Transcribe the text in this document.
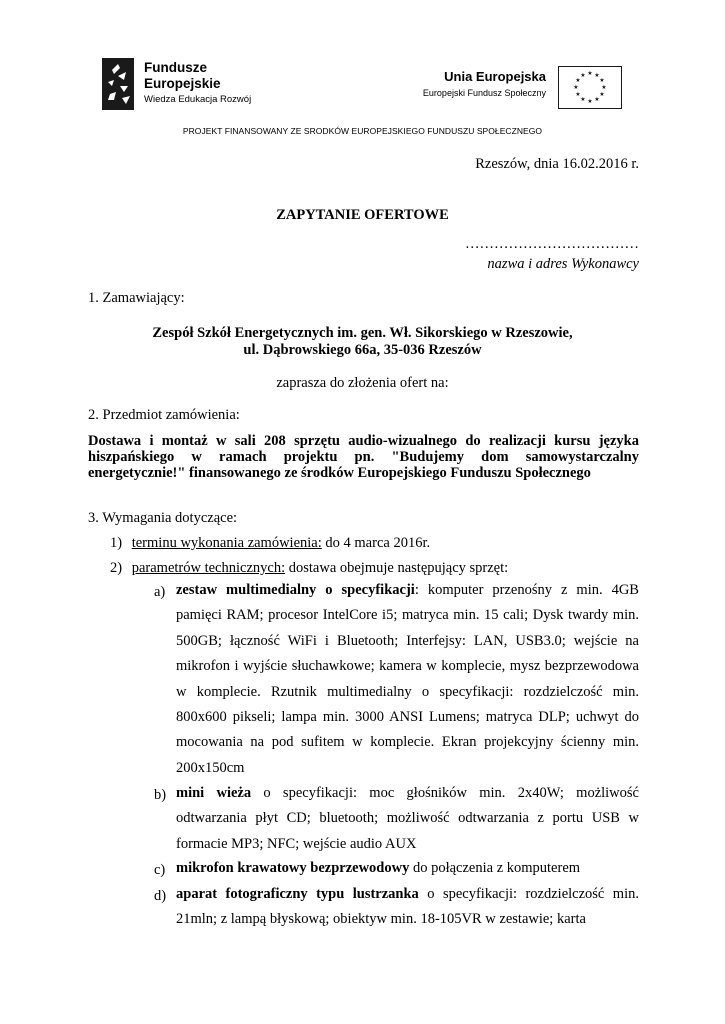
Fundusze
Europejskie
Wiedza Edukacja Rozwój
Unia Europejska
Europejski Fundusz Społeczny
★ ★
★
★
★
★
★
★
★
★
★
★
PROJEKT FINANSOWANY ZE SRODKÓW EUROPEJSKIEGO FUNDUSZU SPOŁECZNEGO
Rzeszów, dnia 16.02.2016 r.
ZAPYTANIE OFERTOWE
………………………………
nazwa i adres Wykonawcy
1. Zamawiający:
Zespół Szkół Energetycznych im. gen. Wł. Sikorskiego w Rzeszowie,
ul. Dąbrowskiego 66a, 35-036 Rzeszów
zaprasza do złożenia ofert na:
2. Przedmiot zamówienia:
Dostawa i montaż w sali 208 sprzętu audio-wizualnego do realizacji kursu języka hiszpańskiego w ramach projektu pn. "Budujemy dom samowystarczalny energetycznie!" finansowanego ze środków Europejskiego Funduszu Społecznego
3. Wymagania dotyczące:
1) terminu wykonania zamówienia: do 4 marca 2016r.
2) parametrów technicznych: dostawa obejmuje następujący sprzęt:
a) zestaw multimedialny o specyfikacji: komputer przenośny z min. 4GB pamięci RAM; procesor IntelCore i5; matryca min. 15 cali; Dysk twardy min. 500GB; łączność WiFi i Bluetooth; Interfejsy: LAN, USB3.0; wejście na mikrofon i wyjście słuchawkowe; kamera w komplecie, mysz bezprzewodowa w komplecie. Rzutnik multimedialny o specyfikacji: rozdzielczość min. 800x600 pikseli; lampa min. 3000 ANSI Lumens; matryca DLP; uchwyt do mocowania na pod sufitem w komplecie. Ekran projekcyjny ścienny min. 200x150cm
b) mini wieża o specyfikacji: moc głośników min. 2x40W; możliwość odtwarzania płyt CD; bluetooth; możliwość odtwarzania z portu USB w formacie MP3; NFC; wejście audio AUX
c) mikrofon krawatowy bezprzewodowy do połączenia z komputerem
d) aparat fotograficzny typu lustrzanka o specyfikacji: rozdzielczość min. 21mln; z lampą błyskową; obiektyw min. 18-105VR w zestawie; karta
